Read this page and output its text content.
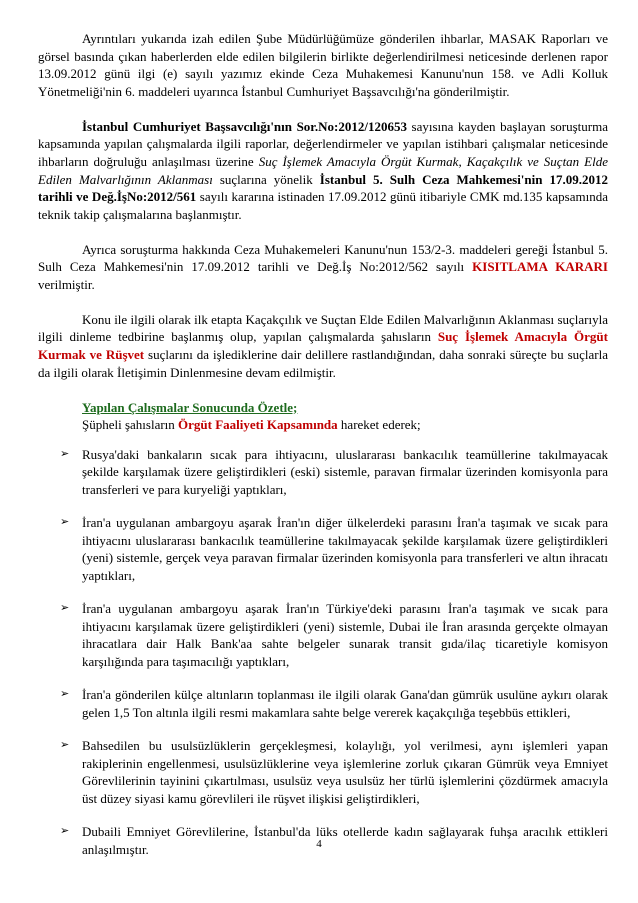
Ayrıntıları yukarıda izah edilen Şube Müdürlüğümüze gönderilen ihbarlar, MASAK Raporları ve görsel basında çıkan haberlerden elde edilen bilgilerin birlikte değerlendirilmesi neticesinde derlenen rapor 13.09.2012 günü ilgi (e) sayılı yazımız ekinde Ceza Muhakemesi Kanunu'nun 158. ve Adli Kolluk Yönetmeliği'nin 6. maddeleri uyarınca İstanbul Cumhuriyet Başsavcılığı'na gönderilmiştir.

İstanbul Cumhuriyet Başsavcılığı'nın Sor.No:2012/120653 sayısına kayden başlayan soruşturma kapsamında yapılan çalışmalarda ilgili raporlar, değerlendirmeler ve yapılan istihbari çalışmalar neticesinde ihbarların doğruluğu anlaşılması üzerine Suç İşlemek Amacıyla Örgüt Kurmak, Kaçakçılık ve Suçtan Elde Edilen Malvarlığının Aklanması suçlarına yönelik İstanbul 5. Sulh Ceza Mahkemesi'nin 17.09.2012 tarihli ve Değ.İşNo:2012/561 sayılı kararına istinaden 17.09.2012 günü itibariyle CMK md.135 kapsamında teknik takip çalışmalarına başlanmıştır.

Ayrıca soruşturma hakkında Ceza Muhakemeleri Kanunu'nun 153/2-3. maddeleri gereği İstanbul 5. Sulh Ceza Mahkemesi'nin 17.09.2012 tarihli ve Değ.İş No:2012/562 sayılı KISITLAMA KARARI verilmiştir.

Konu ile ilgili olarak ilk etapta Kaçakçılık ve Suçtan Elde Edilen Malvarlığının Aklanması suçlarıyla ilgili dinleme tedbirine başlanmış olup, yapılan çalışmalarda şahısların Suç İşlemek Amacıyla Örgüt Kurmak ve Rüşvet suçlarını da işlediklerine dair delillere rastlandığından, daha sonraki süreçte bu suçlarla da ilgili olarak İletişimin Dinlenmesine devam edilmiştir.

Yapılan Çalışmalar Sonucunda Özetle;
Şüpheli şahısların Örgüt Faaliyeti Kapsamında hareket ederek;
➢ Rusya'daki bankaların sıcak para ihtiyacını, uluslararası bankacılık teamüllerine takılmayacak şekilde karşılamak üzere geliştirdikleri (eski) sistemle, paravan firmalar üzerinden komisyonla para transferleri ve para kuryeliği yaptıkları,
➢ İran'a uygulanan ambargoyu aşarak İran'ın diğer ülkelerdeki parasını İran'a taşımak ve sıcak para ihtiyacını uluslararası bankacılık teamüllerine takılmayacak şekilde karşılamak üzere geliştirdikleri (yeni) sistemle, gerçek veya paravan firmalar üzerinden komisyonla para transferleri ve altın ihracatı yaptıkları,
➢ İran'a uygulanan ambargoyu aşarak İran'ın Türkiye'deki parasını İran'a taşımak ve sıcak para ihtiyacını karşılamak üzere geliştirdikleri (yeni) sistemle, Dubai ile İran arasında gerçekte olmayan ihracatlara dair Halk Bank'aa sahte belgeler sunarak transit gıda/ilaç ticaretiyle komisyon karşılığında para taşımacılığı yaptıkları,
➢ İran'a gönderilen külçe altınların toplanması ile ilgili olarak Gana'dan gümrük usulüne aykırı olarak gelen 1,5 Ton altınla ilgili resmi makamlara sahte belge vererek kaçakçılığa teşebbüs ettikleri,
➢ Bahsedilen bu usulsüzlüklerin gerçekleşmesi, kolaylığı, yol verilmesi, aynı işlemleri yapan rakiplerinin engellenmesi, usulsüzlüklerine veya işlemlerine zorluk çıkaran Gümrük veya Emniyet Görevlilerinin tayinini çıkartılması, usulsüz veya usulsüz her türlü işlemlerini çözdürmek amacıyla üst düzey siyasi kamu görevlileri ile rüşvet ilişkisi geliştirdikleri,
➢ Dubaili Emniyet Görevlilerine, İstanbul'da lüks otellerde kadın sağlayarak fuhşa aracılık ettikleri anlaşılmıştır.	4
